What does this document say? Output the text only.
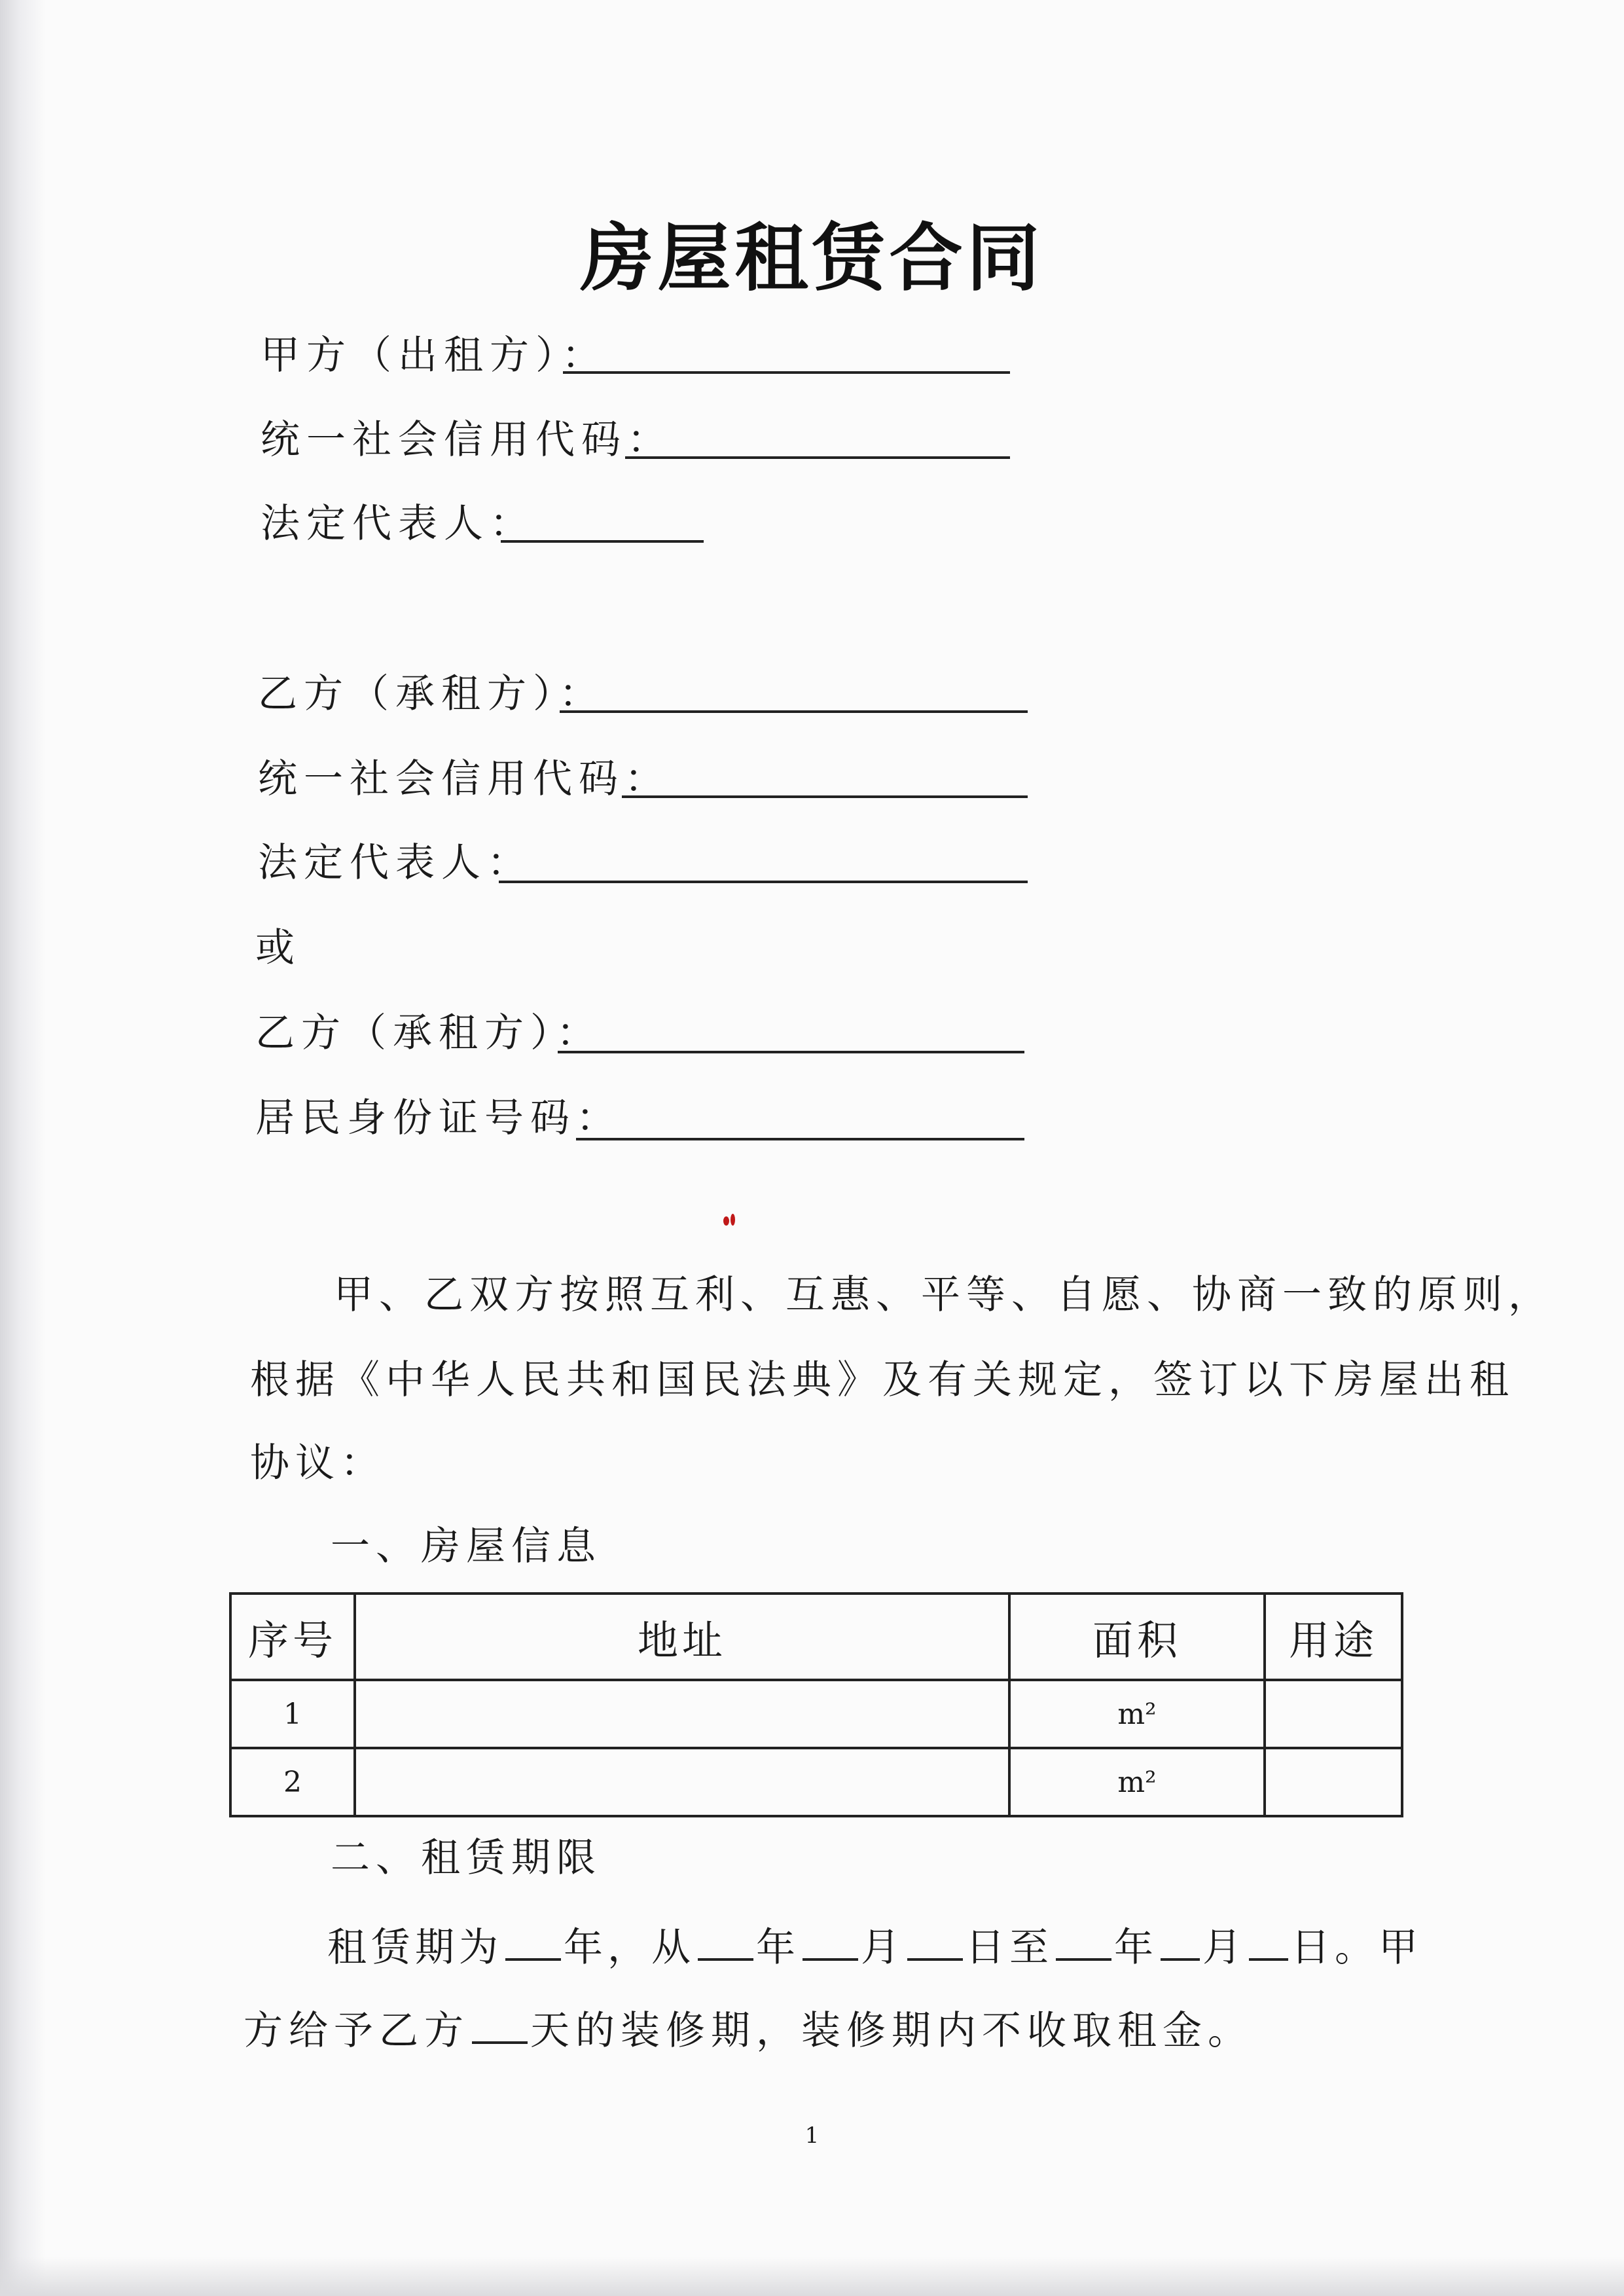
房屋租赁合同
甲方（出租方）：
统一社会信用代码：
法定代表人：
乙方（承租方）：
统一社会信用代码：
法定代表人：
或
乙方（承租方）：
居民身份证号码：
甲、乙双方按照互利、互惠、平等、自愿、协商一致的原则，
根据《中华人民共和国民法典》及有关规定，签订以下房屋出租
协议：
一、房屋信息
序号	地址	面积	用途
1		m²	
2		m²	
二、租赁期限
租赁期为 年，从 年 月 日至 年 月 日。甲
方给予乙方 天的装修期，装修期内不收取租金。
1
